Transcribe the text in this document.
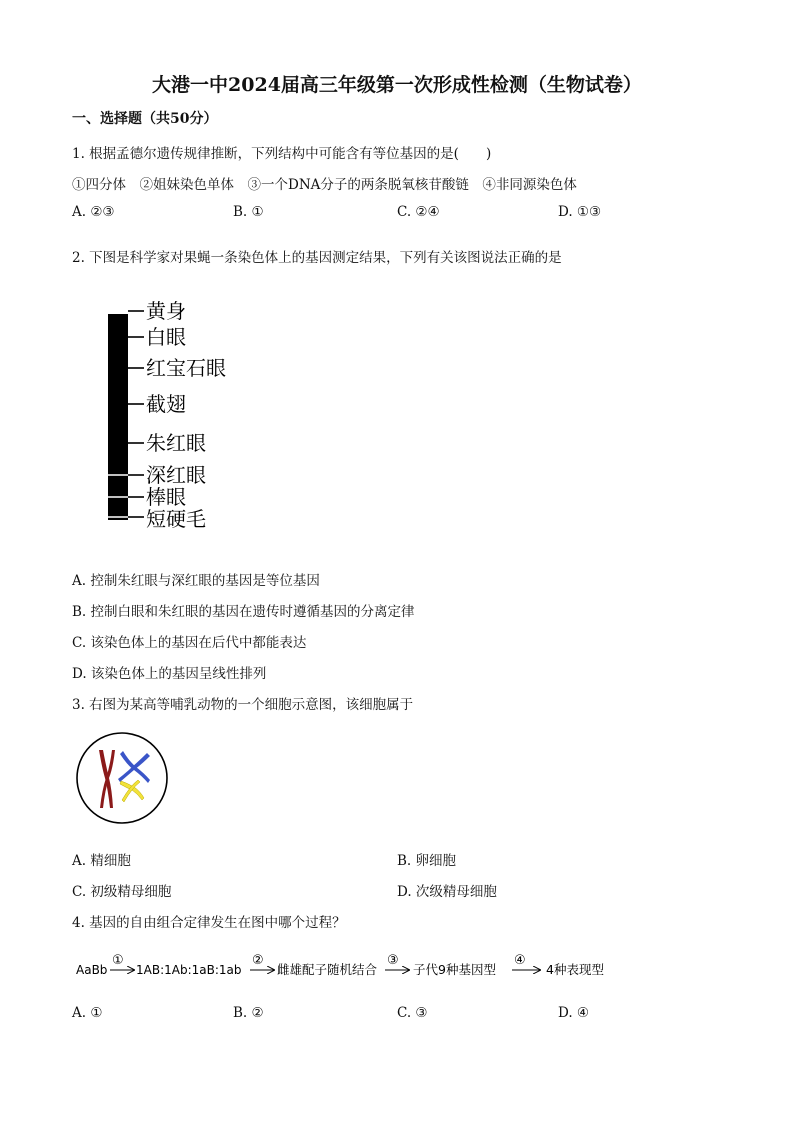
大港一中2024届高三年级第一次形成性检测（生物试卷）
一、选择题（共50分）
1. 根据孟德尔遗传规律推断，下列结构中可能含有等位基因的是(　　)
①四分体　②姐妹染色单体　③一个DNA分子的两条脱氧核苷酸链　④非同源染色体
A. ②③	B. ①	C. ②④	D. ①③
2. 下图是科学家对果蝇一条染色体上的基因测定结果，下列有关该图说法正确的是
黄身
白眼
红宝石眼
截翅
朱红眼
深红眼
棒眼
短硬毛
A. 控制朱红眼与深红眼的基因是等位基因
B. 控制白眼和朱红眼的基因在遗传时遵循基因的分离定律
C. 该染色体上的基因在后代中都能表达
D. 该染色体上的基因呈线性排列
3. 右图为某高等哺乳动物的一个细胞示意图，该细胞属于
A. 精细胞	B. 卵细胞
C. 初级精母细胞	D. 次级精母细胞
4. 基因的自由组合定律发生在图中哪个过程？
AaBb
①
1AB:1Ab:1aB:1ab
②
雌雄配子随机结合
③
子代9种基因型
④
4种表现型
A. ①	B. ②	C. ③	D. ④
